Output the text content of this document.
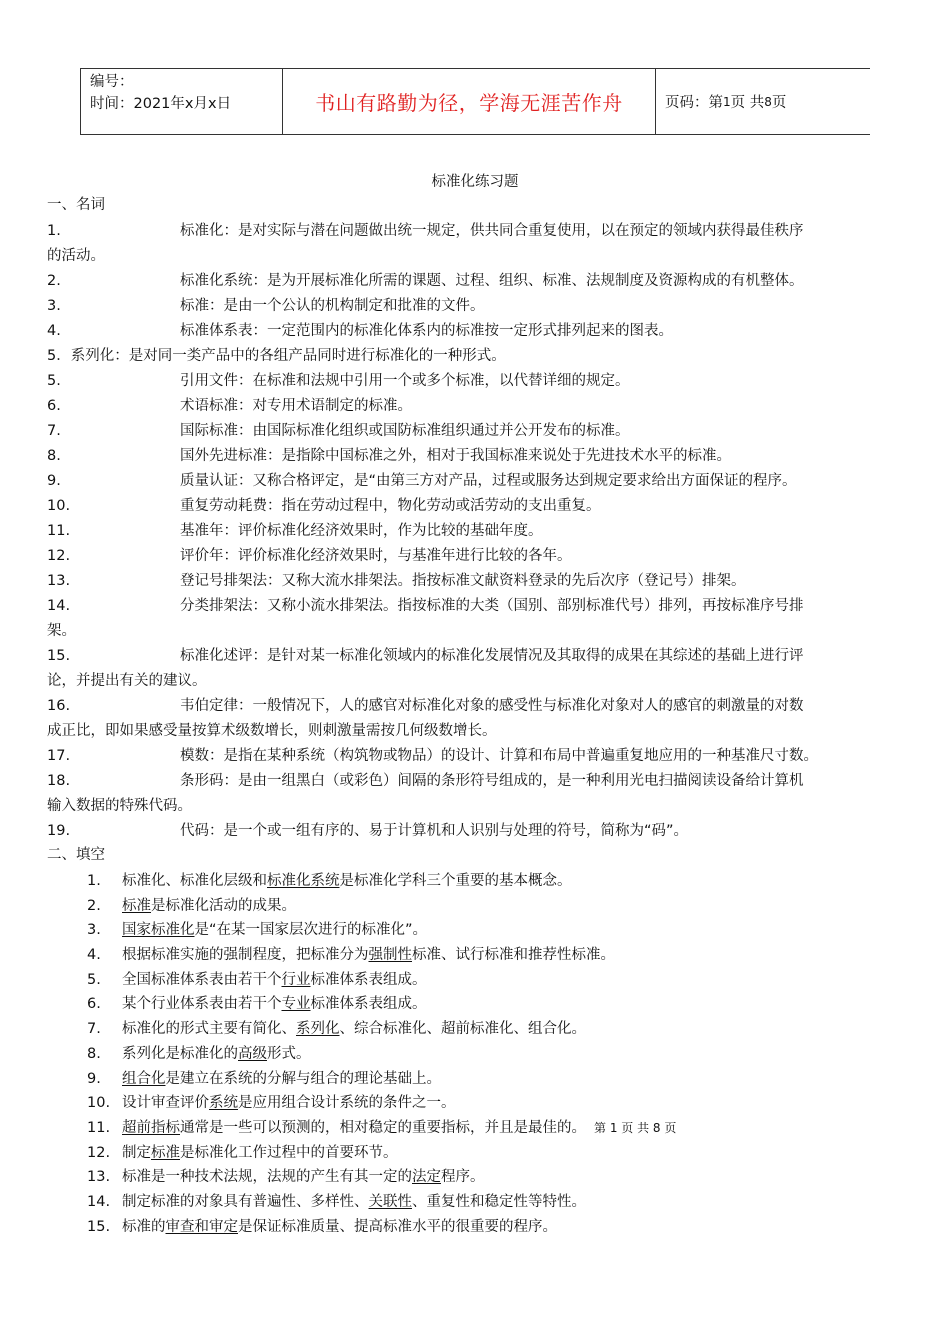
编号：
时间：2021年x月x日	书山有路勤为径，学海无涯苦作舟	页码：第 1 页 共 8 页
标准化练习题
一、名词
1.	标准化：是对实际与潜在问题做出统一规定，供共同合重复使用，以在预定的领域内获得最佳秩序
的活动。
2.	标准化系统：是为开展标准化所需的课题、过程、组织、标准、法规制度及资源构成的有机整体。
3.	标准：是由一个公认的机构制定和批准的文件。
4.	标准体系表：一定范围内的标准化体系内的标准按一定形式排列起来的图表。
5．系列化：是对同一类产品中的各组产品同时进行标准化的一种形式。
5.	引用文件：在标准和法规中引用一个或多个标准，以代替详细的规定。
6.	术语标准：对专用术语制定的标准。
7.	国际标准：由国际标准化组织或国防标准组织通过并公开发布的标准。
8.	国外先进标准：是指除中国标准之外，相对于我国标准来说处于先进技术水平的标准。
9.	质量认证：又称合格评定，是“由第三方对产品，过程或服务达到规定要求给出方面保证的程序。
10.	重复劳动耗费：指在劳动过程中，物化劳动或活劳动的支出重复。
11.	基准年：评价标准化经济效果时，作为比较的基础年度。
12.	评价年：评价标准化经济效果时，与基准年进行比较的各年。
13.	登记号排架法：又称大流水排架法。指按标准文献资料登录的先后次序（登记号）排架。
14.	分类排架法：又称小流水排架法。指按标准的大类（国别、部别标准代号）排列，再按标准序号排
架。
15.	标准化述评：是针对某一标准化领域内的标准化发展情况及其取得的成果在其综述的基础上进行评
论，并提出有关的建议。
16.	韦伯定律：一般情况下，人的感官对标准化对象的感受性与标准化对象对人的感官的刺激量的对数
成正比，即如果感受量按算术级数增长，则刺激量需按几何级数增长。
17.	模数：是指在某种系统（构筑物或物品）的设计、计算和布局中普遍重复地应用的一种基准尺寸数。
18.	条形码：是由一组黑白（或彩色）间隔的条形符号组成的，是一种利用光电扫描阅读设备给计算机
输入数据的特殊代码。
19.	代码：是一个或一组有序的、易于计算机和人识别与处理的符号，简称为“码”。
二、填空
1. 标准化、标准化层级和标准化系统是标准化学科三个重要的基本概念。
2. 标准是标准化活动的成果。
3. 国家标准化是“在某一国家层次进行的标准化”。
4. 根据标准实施的强制程度，把标准分为强制性标准、试行标准和推荐性标准。
5. 全国标准体系表由若干个行业标准体系表组成。
6. 某个行业体系表由若干个专业标准体系表组成。
7. 标准化的形式主要有简化、系列化、综合标准化、超前标准化、组合化。
8. 系列化是标准化的高级形式。
9. 组合化是建立在系统的分解与组合的理论基础上。
10. 设计审查评价系统是应用组合设计系统的条件之一。
11. 超前指标通常是一些可以预测的，相对稳定的重要指标，并且是最佳的。 第 1 页 共 8 页
12. 制定标准是标准化工作过程中的首要环节。
13. 标准是一种技术法规，法规的产生有其一定的法定程序。
14. 制定标准的对象具有普遍性、多样性、关联性、重复性和稳定性等特性。
15. 标准的审查和审定是保证标准质量、提高标准水平的很重要的程序。
